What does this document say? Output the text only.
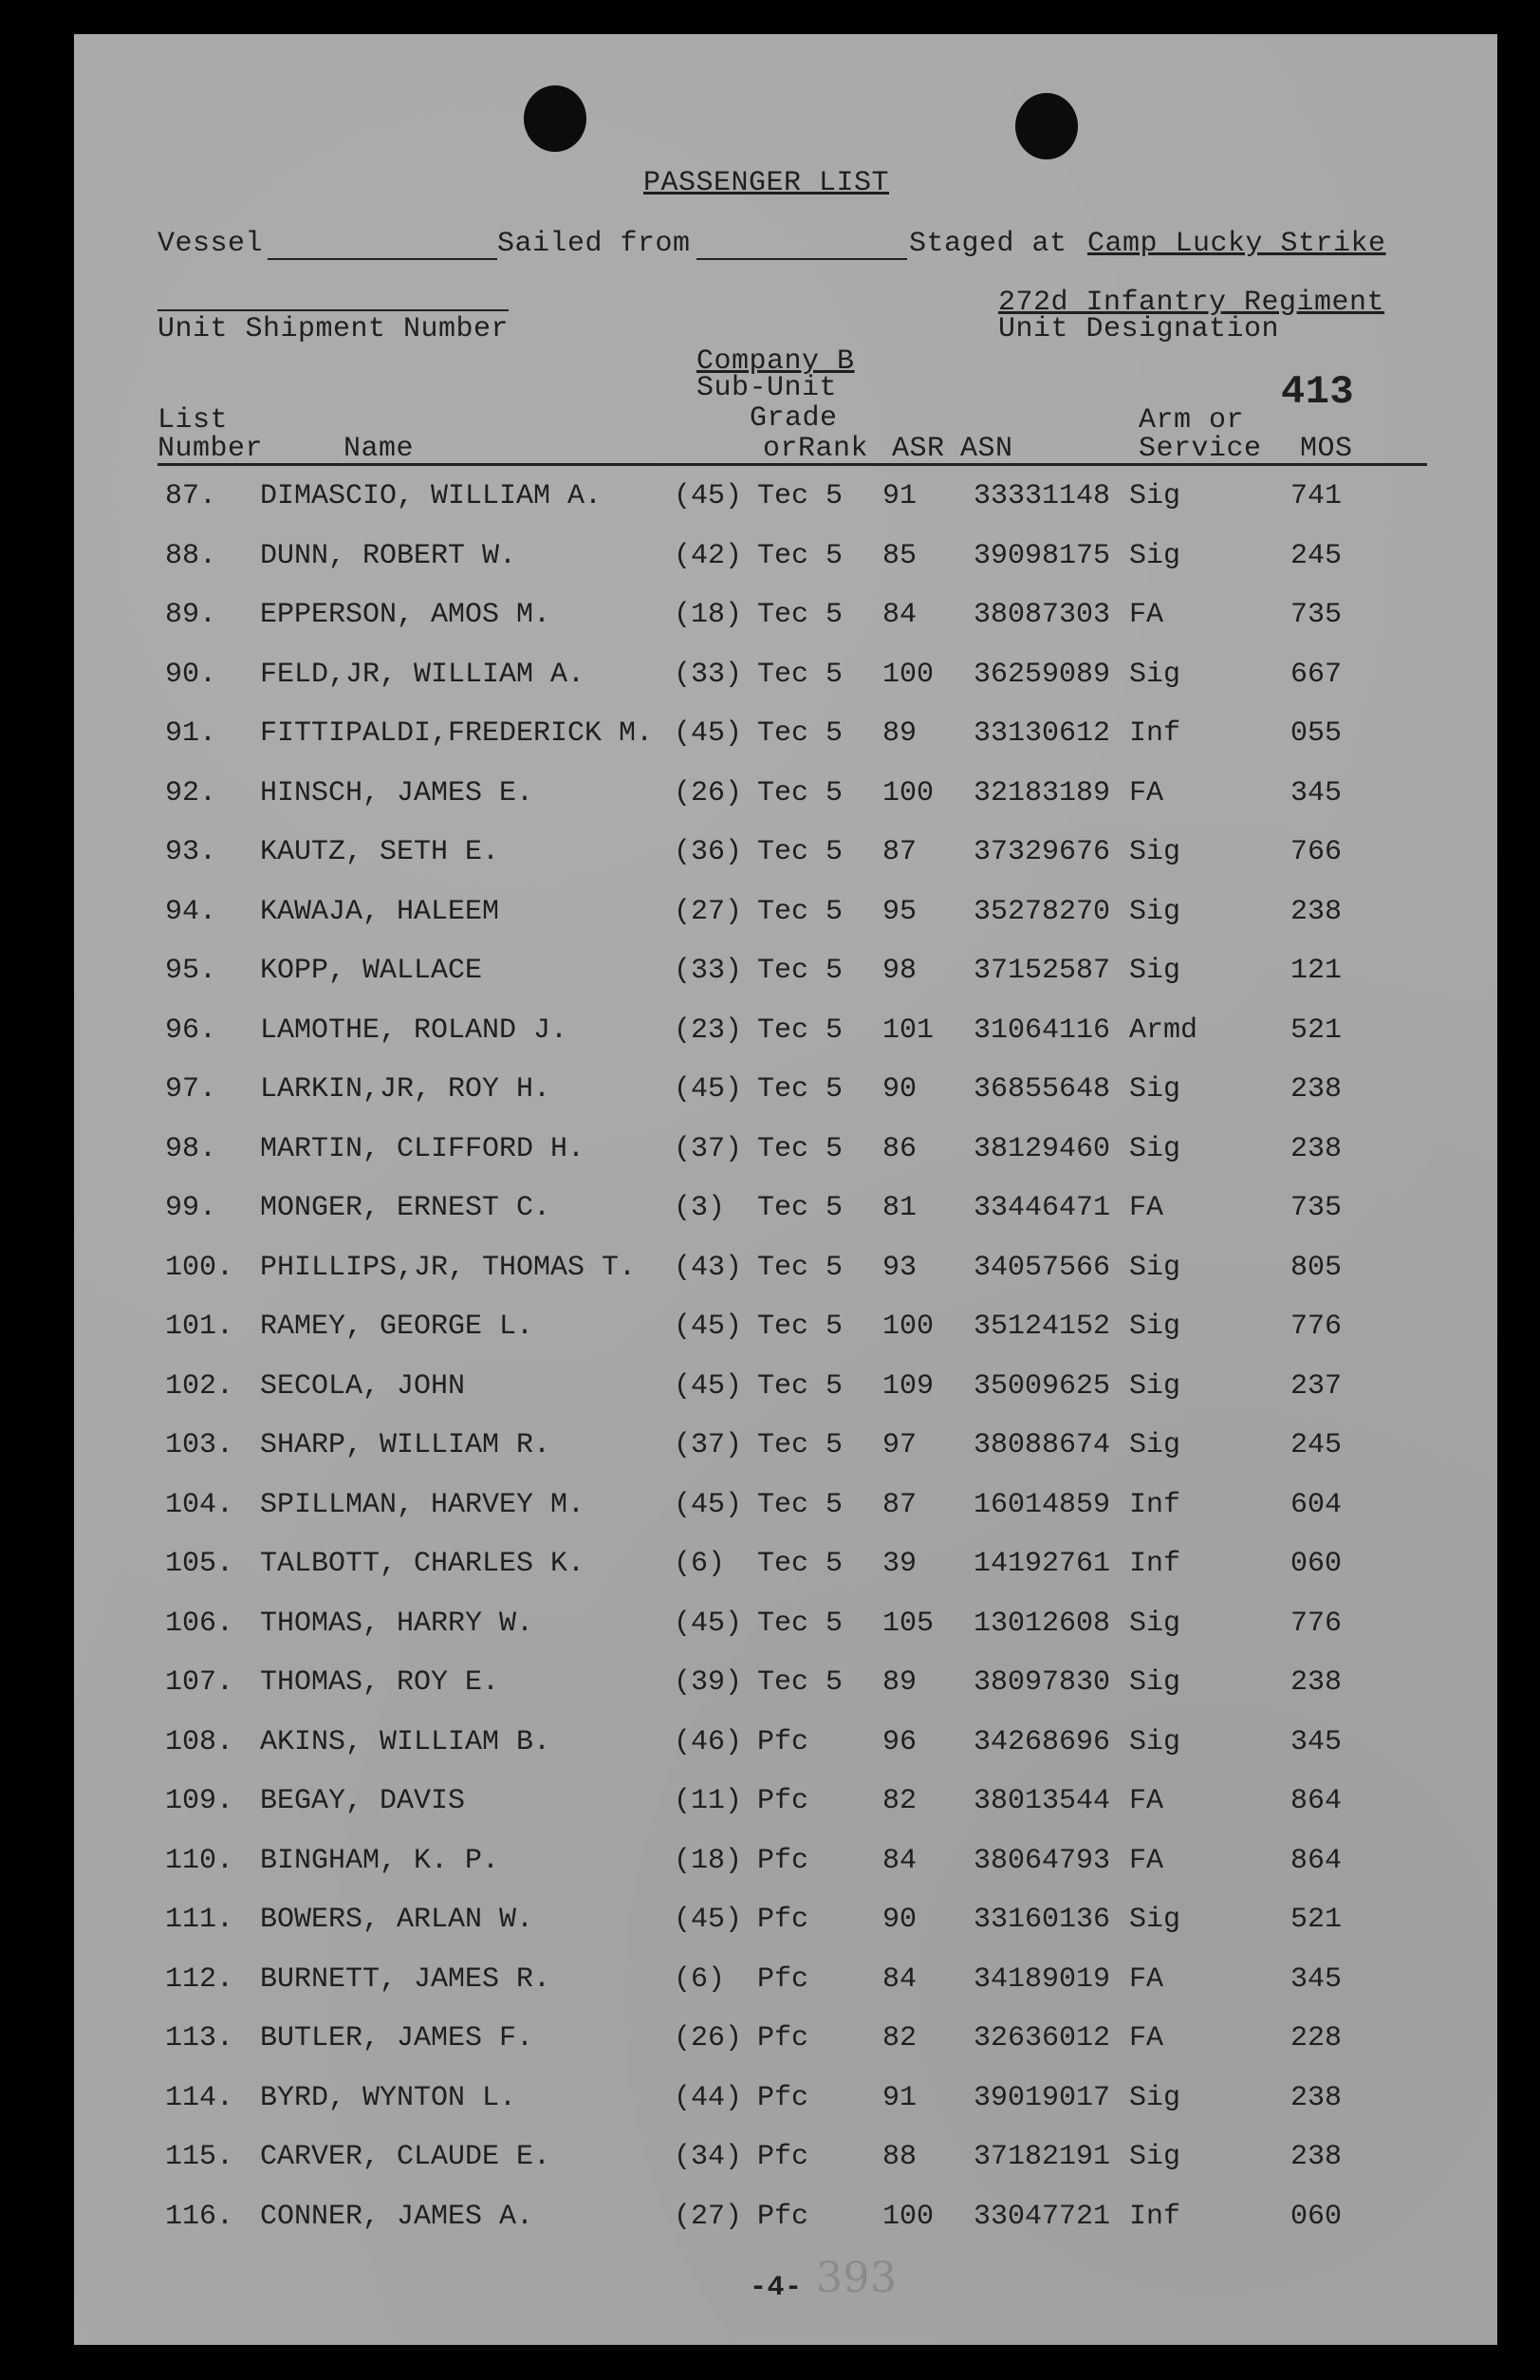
PASSENGER LIST
Vessel	Sailed from	Staged at Camp Lucky Strike
272d Infantry Regiment
Unit Shipment Number	Unit Designation
Company B
Sub-Unit	413
List	Grade	Arm or
Number	Name	orRank ASR ASN	Service MOS
87. DIMASCIO, WILLIAM A.	(45) Tec 5 91 33331148 Sig	741
88. DUNN, ROBERT W.	(42) Tec 5 85 39098175 Sig	245
89. EPPERSON, AMOS M.	(18) Tec 5 84 38087303 FA	735
90. FELD,JR, WILLIAM A.	(33) Tec 5 100 36259089 Sig	667
91. FITTIPALDI,FREDERICK M. (45) Tec 5 89 33130612 Inf	055
92. HINSCH, JAMES E.	(26) Tec 5 100 32183189 FA	345
93. KAUTZ, SETH E.	(36) Tec 5 87 37329676 Sig	766
94. KAWAJA, HALEEM	(27) Tec 5 95 35278270 Sig	238
95. KOPP, WALLACE	(33) Tec 5 98 37152587 Sig	121
96. LAMOTHE, ROLAND J.	(23) Tec 5 101 31064116 Armd	521
97. LARKIN,JR, ROY H.	(45) Tec 5 90 36855648 Sig	238
98. MARTIN, CLIFFORD H.	(37) Tec 5 86 38129460 Sig	238
99. MONGER, ERNEST C.	(3) Tec 5 81 33446471 FA	735
100. PHILLIPS,JR, THOMAS T. (43) Tec 5 93 34057566 Sig	805
101. RAMEY, GEORGE L.	(45) Tec 5 100 35124152 Sig	776
102. SECOLA, JOHN	(45) Tec 5 109 35009625 Sig	237
103. SHARP, WILLIAM R.	(37) Tec 5 97 38088674 Sig	245
104. SPILLMAN, HARVEY M.	(45) Tec 5 87 16014859 Inf	604
105. TALBOTT, CHARLES K.	(6) Tec 5 39 14192761 Inf	060
106. THOMAS, HARRY W.	(45) Tec 5 105 13012608 Sig	776
107. THOMAS, ROY E.	(39) Tec 5 89 38097830 Sig	238
108. AKINS, WILLIAM B.	(46) Pfc	96 34268696 Sig	345
109. BEGAY, DAVIS	(11) Pfc	82 38013544 FA	864
110. BINGHAM, K. P.	(18) Pfc	84 38064793 FA	864
111. BOWERS, ARLAN W.	(45) Pfc	90 33160136 Sig	521
112. BURNETT, JAMES R.	(6) Pfc	84 34189019 FA	345
113. BUTLER, JAMES F.	(26) Pfc	82 32636012 FA	228
114. BYRD, WYNTON L.	(44) Pfc	91 39019017 Sig	238
115. CARVER, CLAUDE E.	(34) Pfc	88 37182191 Sig	238
116. CONNER, JAMES A.	(27) Pfc	100 33047721 Inf	060
-4- 393
